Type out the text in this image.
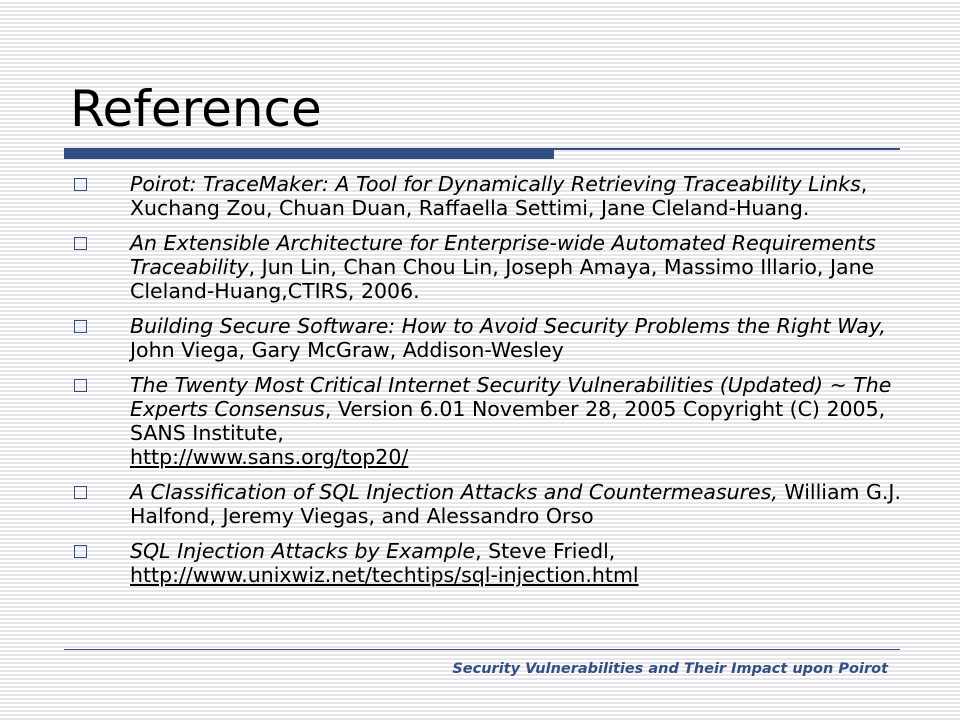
Reference
Poirot: TraceMaker: A Tool for Dynamically Retrieving Traceability Links, Xuchang Zou, Chuan Duan, Raffaella Settimi, Jane Cleland-Huang.
An Extensible Architecture for Enterprise-wide Automated Requirements Traceability, Jun Lin, Chan Chou Lin, Joseph Amaya, Massimo Illario, Jane Cleland-Huang,CTIRS, 2006.
Building Secure Software: How to Avoid Security Problems the Right Way, John Viega, Gary McGraw, Addison-Wesley
The Twenty Most Critical Internet Security Vulnerabilities (Updated) ~ The Experts Consensus, Version 6.01 November 28, 2005 Copyright (C) 2005, SANS Institute,
http://www.sans.org/top20/
A Classification of SQL Injection Attacks and Countermeasures, William G.J. Halfond, Jeremy Viegas, and Alessandro Orso
SQL Injection Attacks by Example, Steve Friedl,
http://www.unixwiz.net/techtips/sql-injection.html
Security Vulnerabilities and Their Impact upon Poirot
